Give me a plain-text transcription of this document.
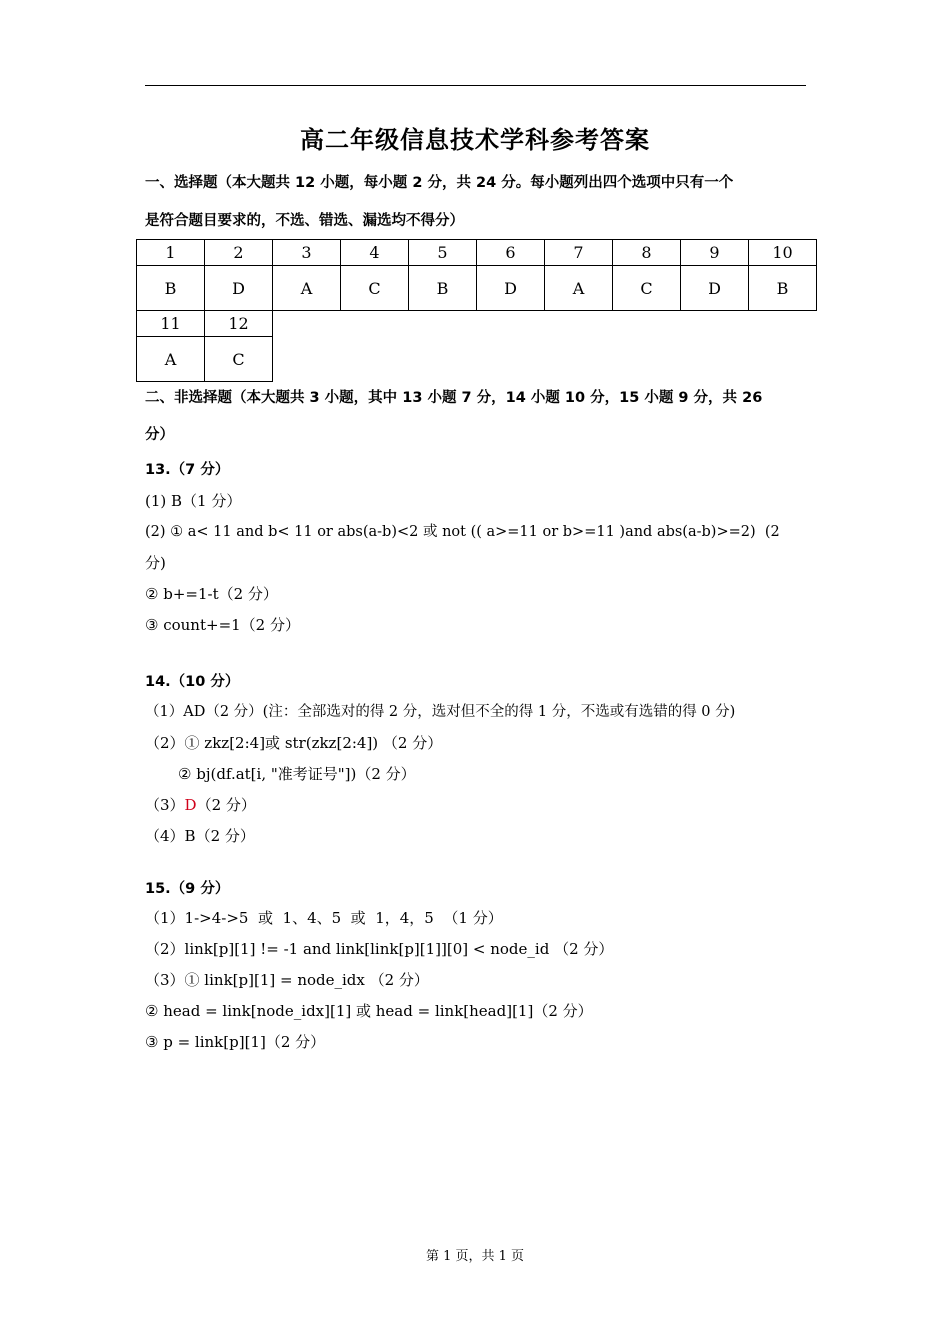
高二年级信息技术学科参考答案
一、选择题（本大题共 12 小题，每小题 2 分，共 24 分。每小题列出四个选项中只有一个
是符合题目要求的，不选、错选、漏选均不得分）
1	2	3	4	5	6	7	8	9	10
B	D	A	C	B	D	A	C	D	B
11	12								
A	C								
二、非选择题（本大题共 3 小题，其中 13 小题 7 分，14 小题 10 分，15 小题 9 分，共 26
分）
13.（7 分）
(1) B（1 分）
(2) ① a< 11 and b< 11 or abs(a-b)<2 或 not (( a>=11 or b>=11 )and abs(a-b)>=2)  (2
分)
② b+=1-t（2 分）
③ count+=1（2 分）
14.（10 分）
（1）AD（2 分）(注：全部选对的得 2 分，选对但不全的得 1 分，不选或有选错的得 0 分)
（2）① zkz[2:4]或 str(zkz[2:4]) （2 分）
② bj(df.at[i, "准考证号"])（2 分）
（3）D（2 分）
（4）B（2 分）
15.（9 分）
（1）1->4->5  或  1、4、5  或  1，4，5  （1 分）
（2）link[p][1] != -1 and link[link[p][1]][0] < node_id （2 分）
（3）① link[p][1] = node_idx （2 分）
② head = link[node_idx][1] 或 head = link[head][1]（2 分）
③ p = link[p][1]（2 分）
第 1 页，共 1 页
